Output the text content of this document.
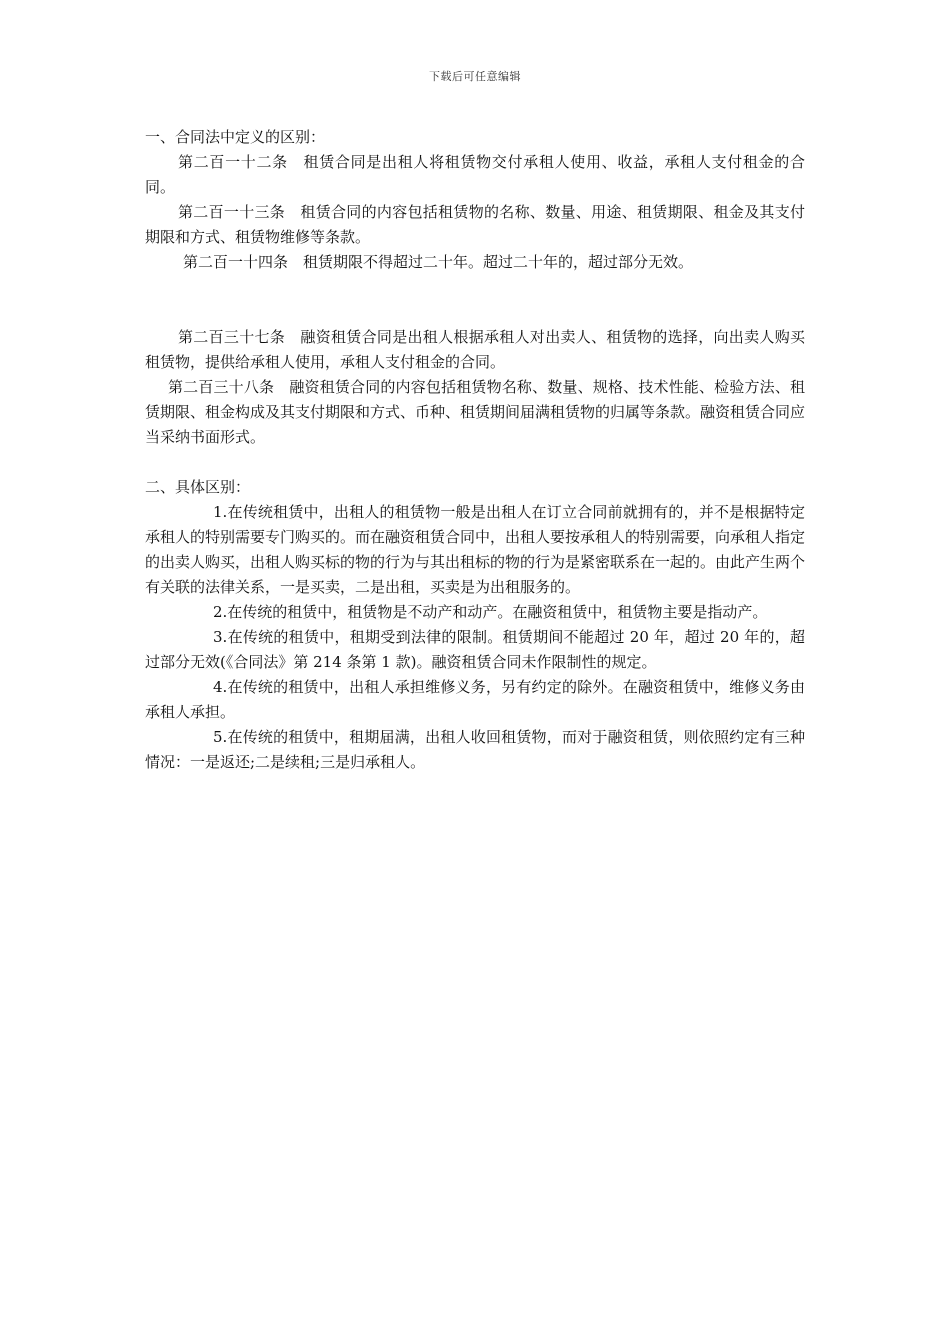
下载后可任意编辑

一、合同法中定义的区别：

第二百一十二条　租赁合同是出租人将租赁物交付承租人使用、收益，承租人支付租金的合同。

第二百一十三条　租赁合同的内容包括租赁物的名称、数量、用途、租赁期限、租金及其支付期限和方式、租赁物维修等条款。

第二百一十四条　租赁期限不得超过二十年。超过二十年的，超过部分无效。

第二百三十七条　融资租赁合同是出租人根据承租人对出卖人、租赁物的选择，向出卖人购买租赁物，提供给承租人使用，承租人支付租金的合同。

第二百三十八条　融资租赁合同的内容包括租赁物名称、数量、规格、技术性能、检验方法、租赁期限、租金构成及其支付期限和方式、币种、租赁期间届满租赁物的归属等条款。融资租赁合同应当采纳书面形式。

二、具体区别：

1.在传统租赁中，出租人的租赁物一般是出租人在订立合同前就拥有的，并不是根据特定承租人的特别需要专门购买的。而在融资租赁合同中，出租人要按承租人的特别需要，向承租人指定的出卖人购买，出租人购买标的物的行为与其出租标的物的行为是紧密联系在一起的。由此产生两个有关联的法律关系，一是买卖，二是出租，买卖是为出租服务的。

2.在传统的租赁中，租赁物是不动产和动产。在融资租赁中，租赁物主要是指动产。

3.在传统的租赁中，租期受到法律的限制。租赁期间不能超过 20 年，超过 20 年的，超过部分无效(《合同法》第 214 条第 1 款)。融资租赁合同未作限制性的规定。

4.在传统的租赁中，出租人承担维修义务，另有约定的除外。在融资租赁中，维修义务由承租人承担。

5.在传统的租赁中，租期届满，出租人收回租赁物，而对于融资租赁，则依照约定有三种情况：一是返还;二是续租;三是归承租人。
